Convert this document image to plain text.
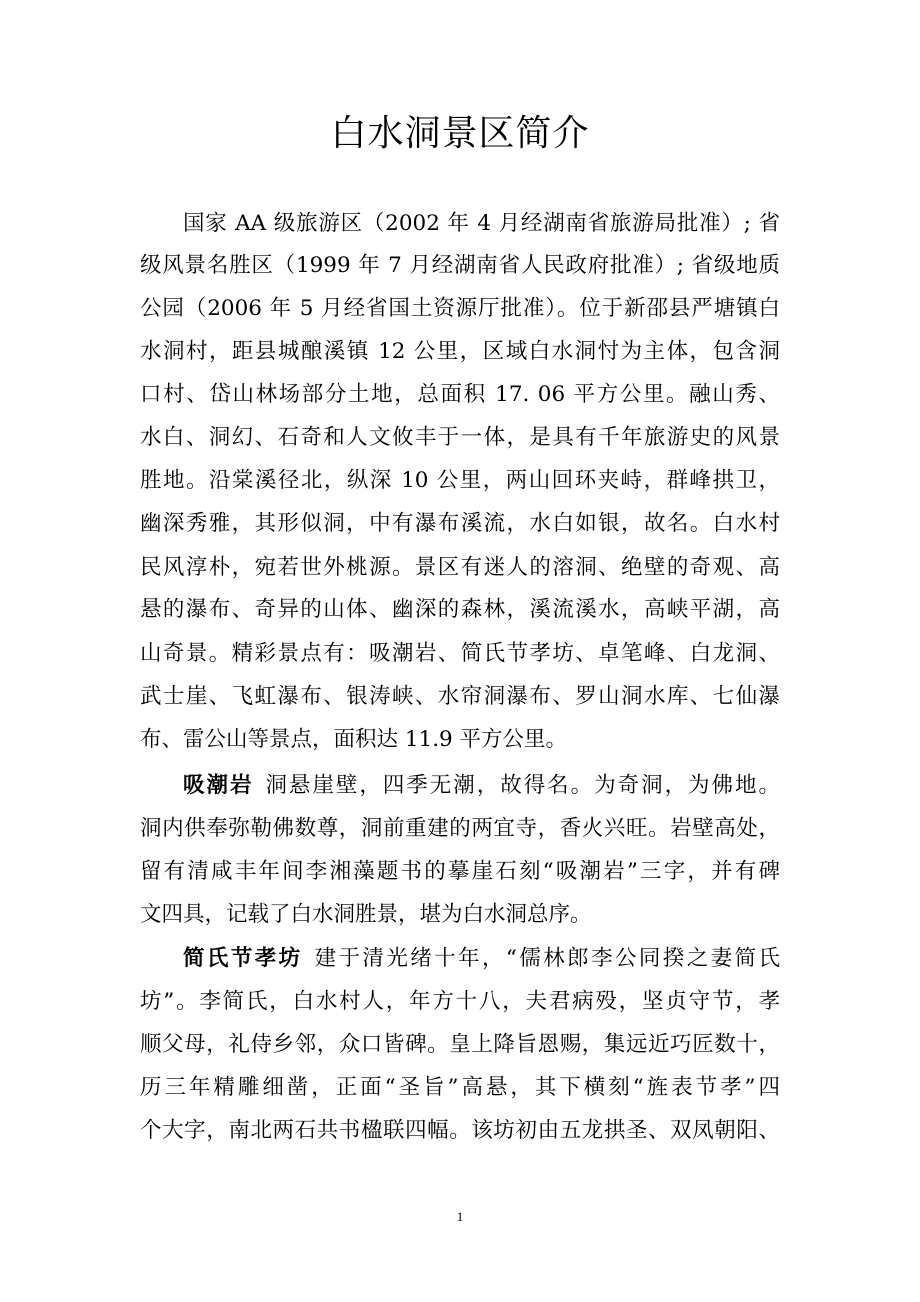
白水洞景区简介
国家 AA 级旅游区（2002 年 4 月经湖南省旅游局批准）; 省
级风景名胜区（1999 年 7 月经湖南省人民政府批准）; 省级地质
公园（2006 年 5 月经省国土资源厅批准）。位于新邵县严塘镇白
水洞村，距县城酿溪镇 12 公里，区域白水洞忖为主体，包含洞
口村、岱山林场部分土地，总面积 17. 06 平方公里。融山秀、
水白、洞幻、石奇和人文攸丰于一体，是具有千年旅游史的风景
胜地。沿棠溪径北，纵深 10 公里，两山回环夹峙，群峰拱卫，
幽深秀雅，其形似洞，中有瀑布溪流，水白如银，故名。白水村
民风淳朴，宛若世外桃源。景区有迷人的溶洞、绝壁的奇观、高
悬的瀑布、奇异的山体、幽深的森林，溪流溪水，高峡平湖，高
山奇景。精彩景点有：吸潮岩、简氏节孝坊、卓笔峰、白龙洞、
武士崖、飞虹瀑布、银涛峡、水帘洞瀑布、罗山洞水库、七仙瀑
布、雷公山等景点，面积达 11.9 平方公里。
吸潮岩 洞悬崖壁，四季无潮，故得名。为奇洞，为佛地。
洞内供奉弥勒佛数尊，洞前重建的两宜寺，香火兴旺。岩壁高处，
留有清咸丰年间李湘藻题书的摹崖石刻“吸潮岩”三字，并有碑
文四具，记载了白水洞胜景，堪为白水洞总序。
简氏节孝坊 建于清光绪十年，“儒林郎李公同揆之妻简氏
坊”。李简氏，白水村人，年方十八，夫君病殁，坚贞守节，孝
顺父母，礼侍乡邻，众口皆碑。皇上降旨恩赐，集远近巧匠数十，
历三年精雕细凿，正面“圣旨”高悬，其下横刻“旌表节孝”四
个大字，南北两石共书楹联四幅。该坊初由五龙拱圣、双凤朝阳、
1
